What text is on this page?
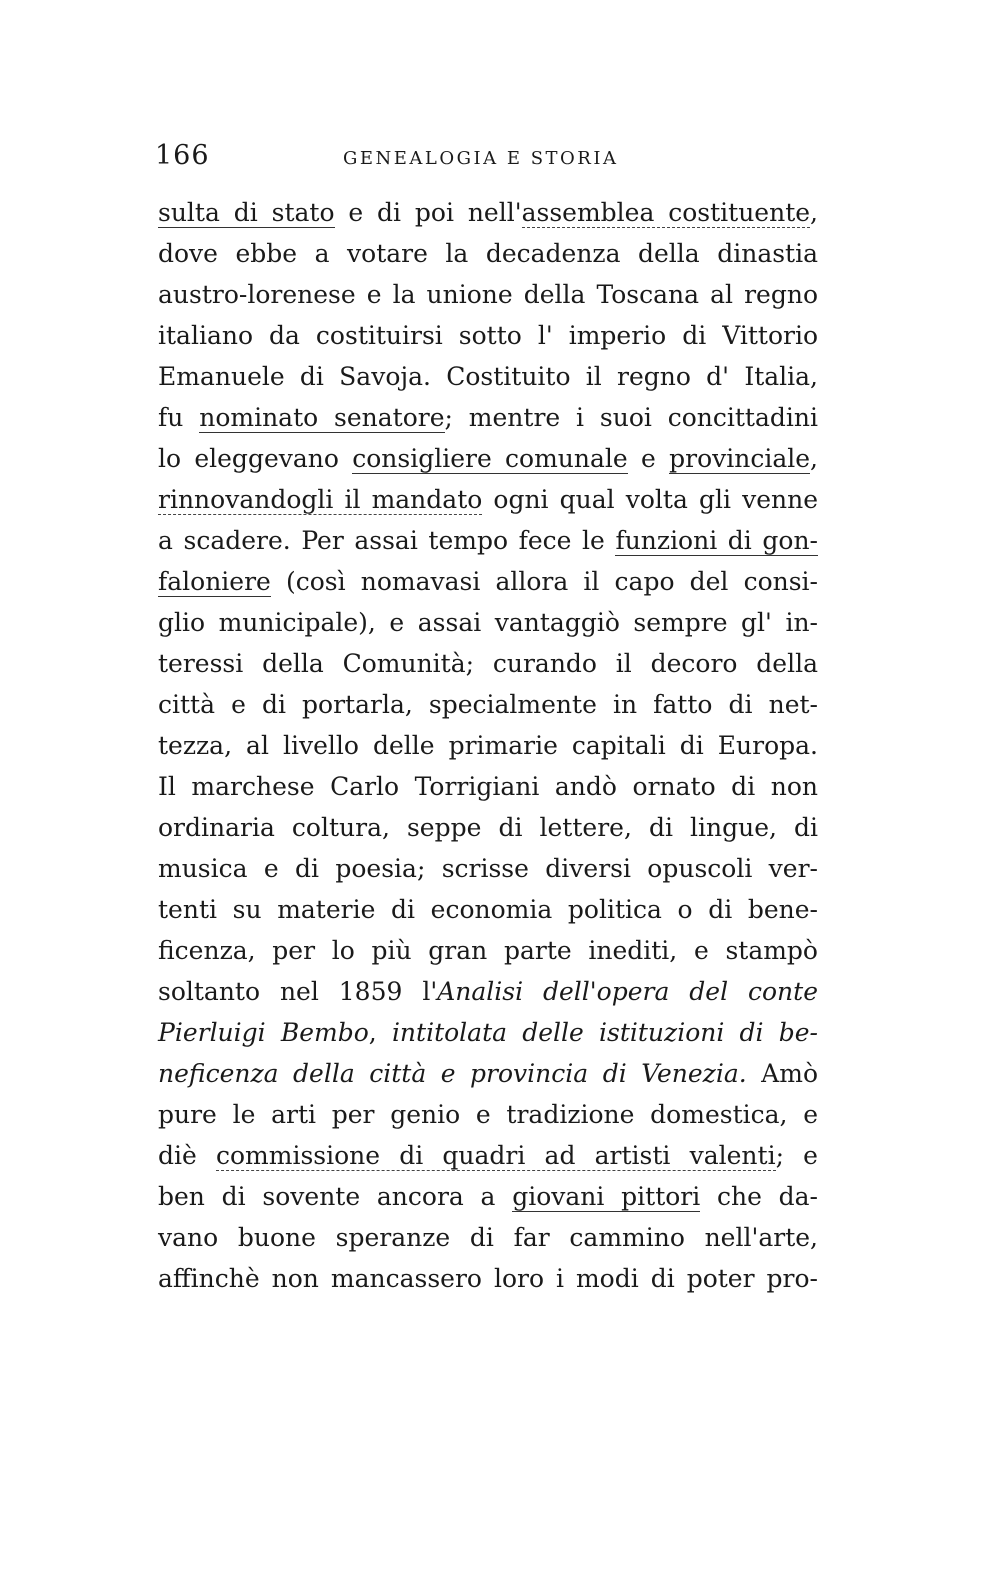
166	GENEALOGIA E STORIA
sulta di stato e di poi nell'assemblea costituente,
dove ebbe a votare la decadenza della dinastia
austro-lorenese e la unione della Toscana al regno
italiano da costituirsi sotto l' imperio di Vittorio
Emanuele di Savoja. Costituito il regno d' Italia,
fu nominato senatore; mentre i suoi concittadini
lo eleggevano consigliere comunale e provinciale,
rinnovandogli il mandato ogni qual volta gli venne
a scadere. Per assai tempo fece le funzioni di gon-
faloniere (così nomavasi allora il capo del consi-
glio municipale), e assai vantaggiò sempre gl' in-
teressi della Comunità; curando il decoro della
città e di portarla, specialmente in fatto di net-
tezza, al livello delle primarie capitali di Europa.
Il marchese Carlo Torrigiani andò ornato di non
ordinaria coltura, seppe di lettere, di lingue, di
musica e di poesia; scrisse diversi opuscoli ver-
tenti su materie di economia politica o di bene-
ficenza, per lo più gran parte inediti, e stampò
soltanto nel 1859 l'Analisi dell'opera del conte
Pierluigi Bembo, intitolata delle istituzioni di be-
neficenza della città e provincia di Venezia. Amò
pure le arti per genio e tradizione domestica, e
diè commissione di quadri ad artisti valenti; e
ben di sovente ancora a giovani pittori che da-
vano buone speranze di far cammino nell'arte,
affinchè non mancassero loro i modi di poter pro-
